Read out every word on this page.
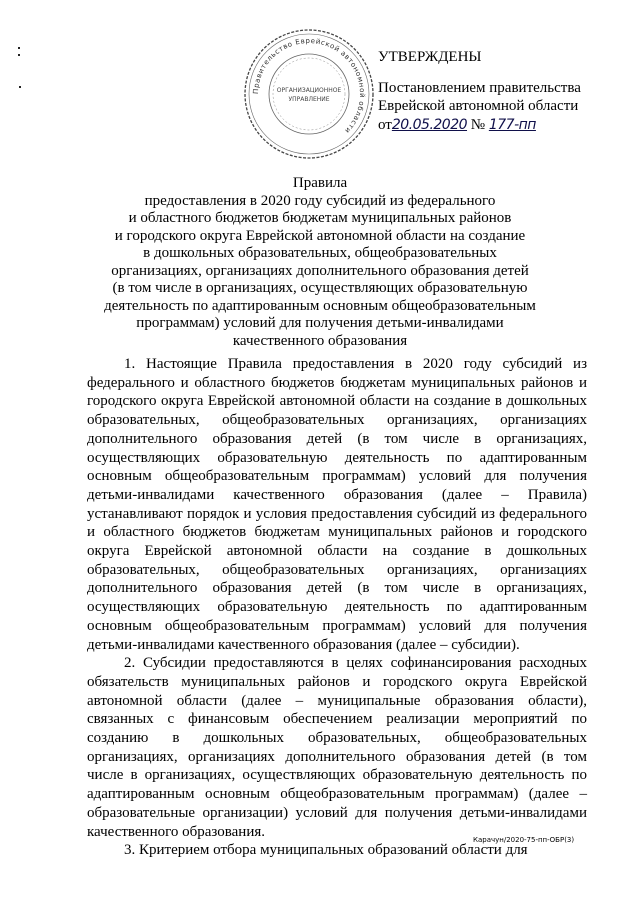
Правительство Еврейской автономной области
ОРГАНИЗАЦИОННОЕ
УПРАВЛЕНИЕ
УТВЕРЖДЕНЫ
Постановлением правительства
Еврейской автономной области
от20.05.2020 № 177-пп
Правила
предоставления в 2020 году субсидий из федерального
и областного бюджетов бюджетам муниципальных районов
и городского округа Еврейской автономной области на создание
в дошкольных образовательных, общеобразовательных
организациях, организациях дополнительного образования детей
(в том числе в организациях, осуществляющих образовательную
деятельность по адаптированным основным общеобразовательным
программам) условий для получения детьми-инвалидами
качественного образования

1. Настоящие Правила предоставления в 2020 году субсидий из федерального и областного бюджетов бюджетам муниципальных районов и городского округа Еврейской автономной области на создание в дошкольных образовательных, общеобразовательных организациях, организациях дополнительного образования детей (в том числе в организациях, осуществляющих образовательную деятельность по адаптированным основным общеобразовательным программам) условий для получения детьми-инвалидами качественного образования (далее – Правила) устанавливают порядок и условия предоставления субсидий из федерального и областного бюджетов бюджетам муниципальных районов и городского округа Еврейской автономной области на создание в дошкольных образовательных, общеобразовательных организациях, организациях дополнительного образования детей (в том числе в организациях, осуществляющих образовательную деятельность по адаптированным основным общеобразовательным программам) условий для получения детьми-инвалидами качественного образования (далее – субсидии).

2. Субсидии предоставляются в целях софинансирования расходных обязательств муниципальных районов и городского округа Еврейской автономной области (далее – муниципальные образования области), связанных с финансовым обеспечением реализации мероприятий по созданию в дошкольных образовательных, общеобразовательных организациях, организациях дополнительного образования детей (в том числе в организациях, осуществляющих образовательную деятельность по адаптированным основным общеобразовательным программам) (далее – образовательные организации) условий для получения детьми-инвалидами качественного образования.

3. Критерием отбора муниципальных образований области для

Карачун/2020-75-пп-ОБР(3)
